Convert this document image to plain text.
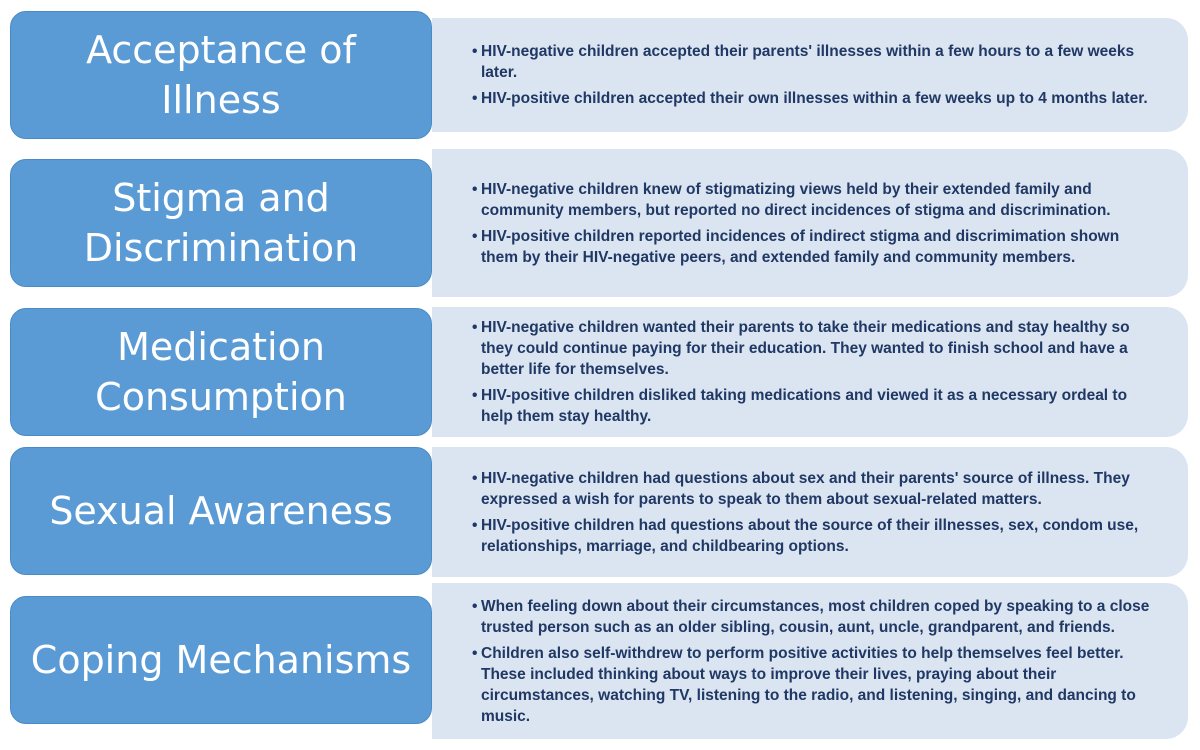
Acceptance of Illness
• HIV-negative children accepted their parents' illnesses within a few hours to a few weeks later.
• HIV-positive children accepted their own illnesses within a few weeks up to 4 months later.
Stigma and Discrimination
• HIV-negative children knew of stigmatizing views held by their extended family and community members, but reported no direct incidences of stigma and discrimination.
• HIV-positive children reported incidences of indirect stigma and discrimimation shown them by their HIV-negative peers, and extended family and community members.
Medication Consumption
• HIV-negative children wanted their parents to take their medications and stay healthy so they could continue paying for their education. They wanted to finish school and have a better life for themselves.
• HIV-positive children disliked taking medications and viewed it as a necessary ordeal to help them stay healthy.
Sexual Awareness
• HIV-negative children had questions about sex and their parents' source of illness. They expressed a wish for parents to speak to them about sexual-related matters.
• HIV-positive children had questions about the source of their illnesses, sex, condom use, relationships, marriage, and childbearing options.
Coping Mechanisms
• When feeling down about their circumstances, most children coped by speaking to a close trusted person such as an older sibling, cousin, aunt, uncle, grandparent, and friends.
• Children also self-withdrew to perform positive activities to help themselves feel better. These included thinking about ways to improve their lives, praying about their circumstances, watching TV, listening to the radio, and listening, singing, and dancing to music.
